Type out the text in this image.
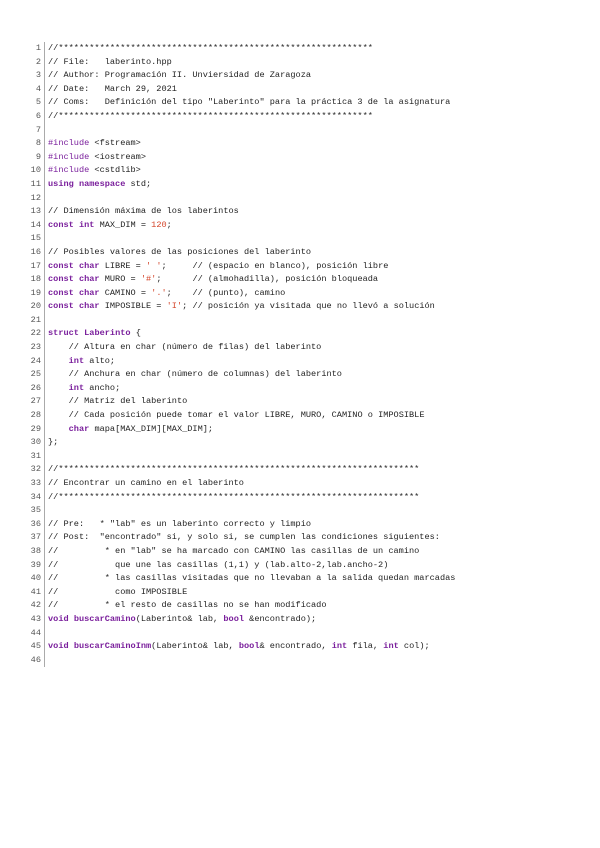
1 //*************************************************************
2 // File:   laberinto.hpp
3 // Author: Programación II. Unviersidad de Zaragoza
4 // Date:   March 29, 2021
5 // Coms:   Definición del tipo "Laberinto" para la práctica 3 de la asignatura
6 //*************************************************************
7
8 #include <fstream>
9 #include <iostream>
10 #include <cstdlib>
11 using namespace std;
12
13 // Dimensión máxima de los laberintos
14 const int MAX_DIM = 120;
15
16 // Posibles valores de las posiciones del laberinto
17 const char LIBRE = ' ';     // (espacio en blanco), posición libre
18 const char MURO = '#';      // (almohadilla), posición bloqueada
19 const char CAMINO = '.';    // (punto), camino
20 const char IMPOSIBLE = 'I'; // posición ya visitada que no llevó a solución
21
22 struct Laberinto {
23	// Altura en char (número de filas) del laberinto
24	int alto;
25	// Anchura en char (número de columnas) del laberinto
26	int ancho;
27	// Matriz del laberinto
28	// Cada posición puede tomar el valor LIBRE, MURO, CAMINO o IMPOSIBLE
29	char mapa[MAX_DIM][MAX_DIM];
30 };
31
32 //**********************************************************************
33 // Encontrar un camino en el laberinto
34 //**********************************************************************
35
36 // Pre:   * "lab" es un laberinto correcto y limpio
37 // Post:  "encontrado" si, y solo si, se cumplen las condiciones siguientes:
38 //         * en "lab" se ha marcado con CAMINO las casillas de un camino
39 //           que une las casillas (1,1) y (lab.alto-2,lab.ancho-2)
40 //         * las casillas visitadas que no llevaban a la salida quedan marcadas
41 //           como IMPOSIBLE
42 //         * el resto de casillas no se han modificado
43 void buscarCamino(Laberinto& lab, bool &encontrado);
44
45 void buscarCaminoInm(Laberinto& lab, bool& encontrado, int fila, int col);
46
